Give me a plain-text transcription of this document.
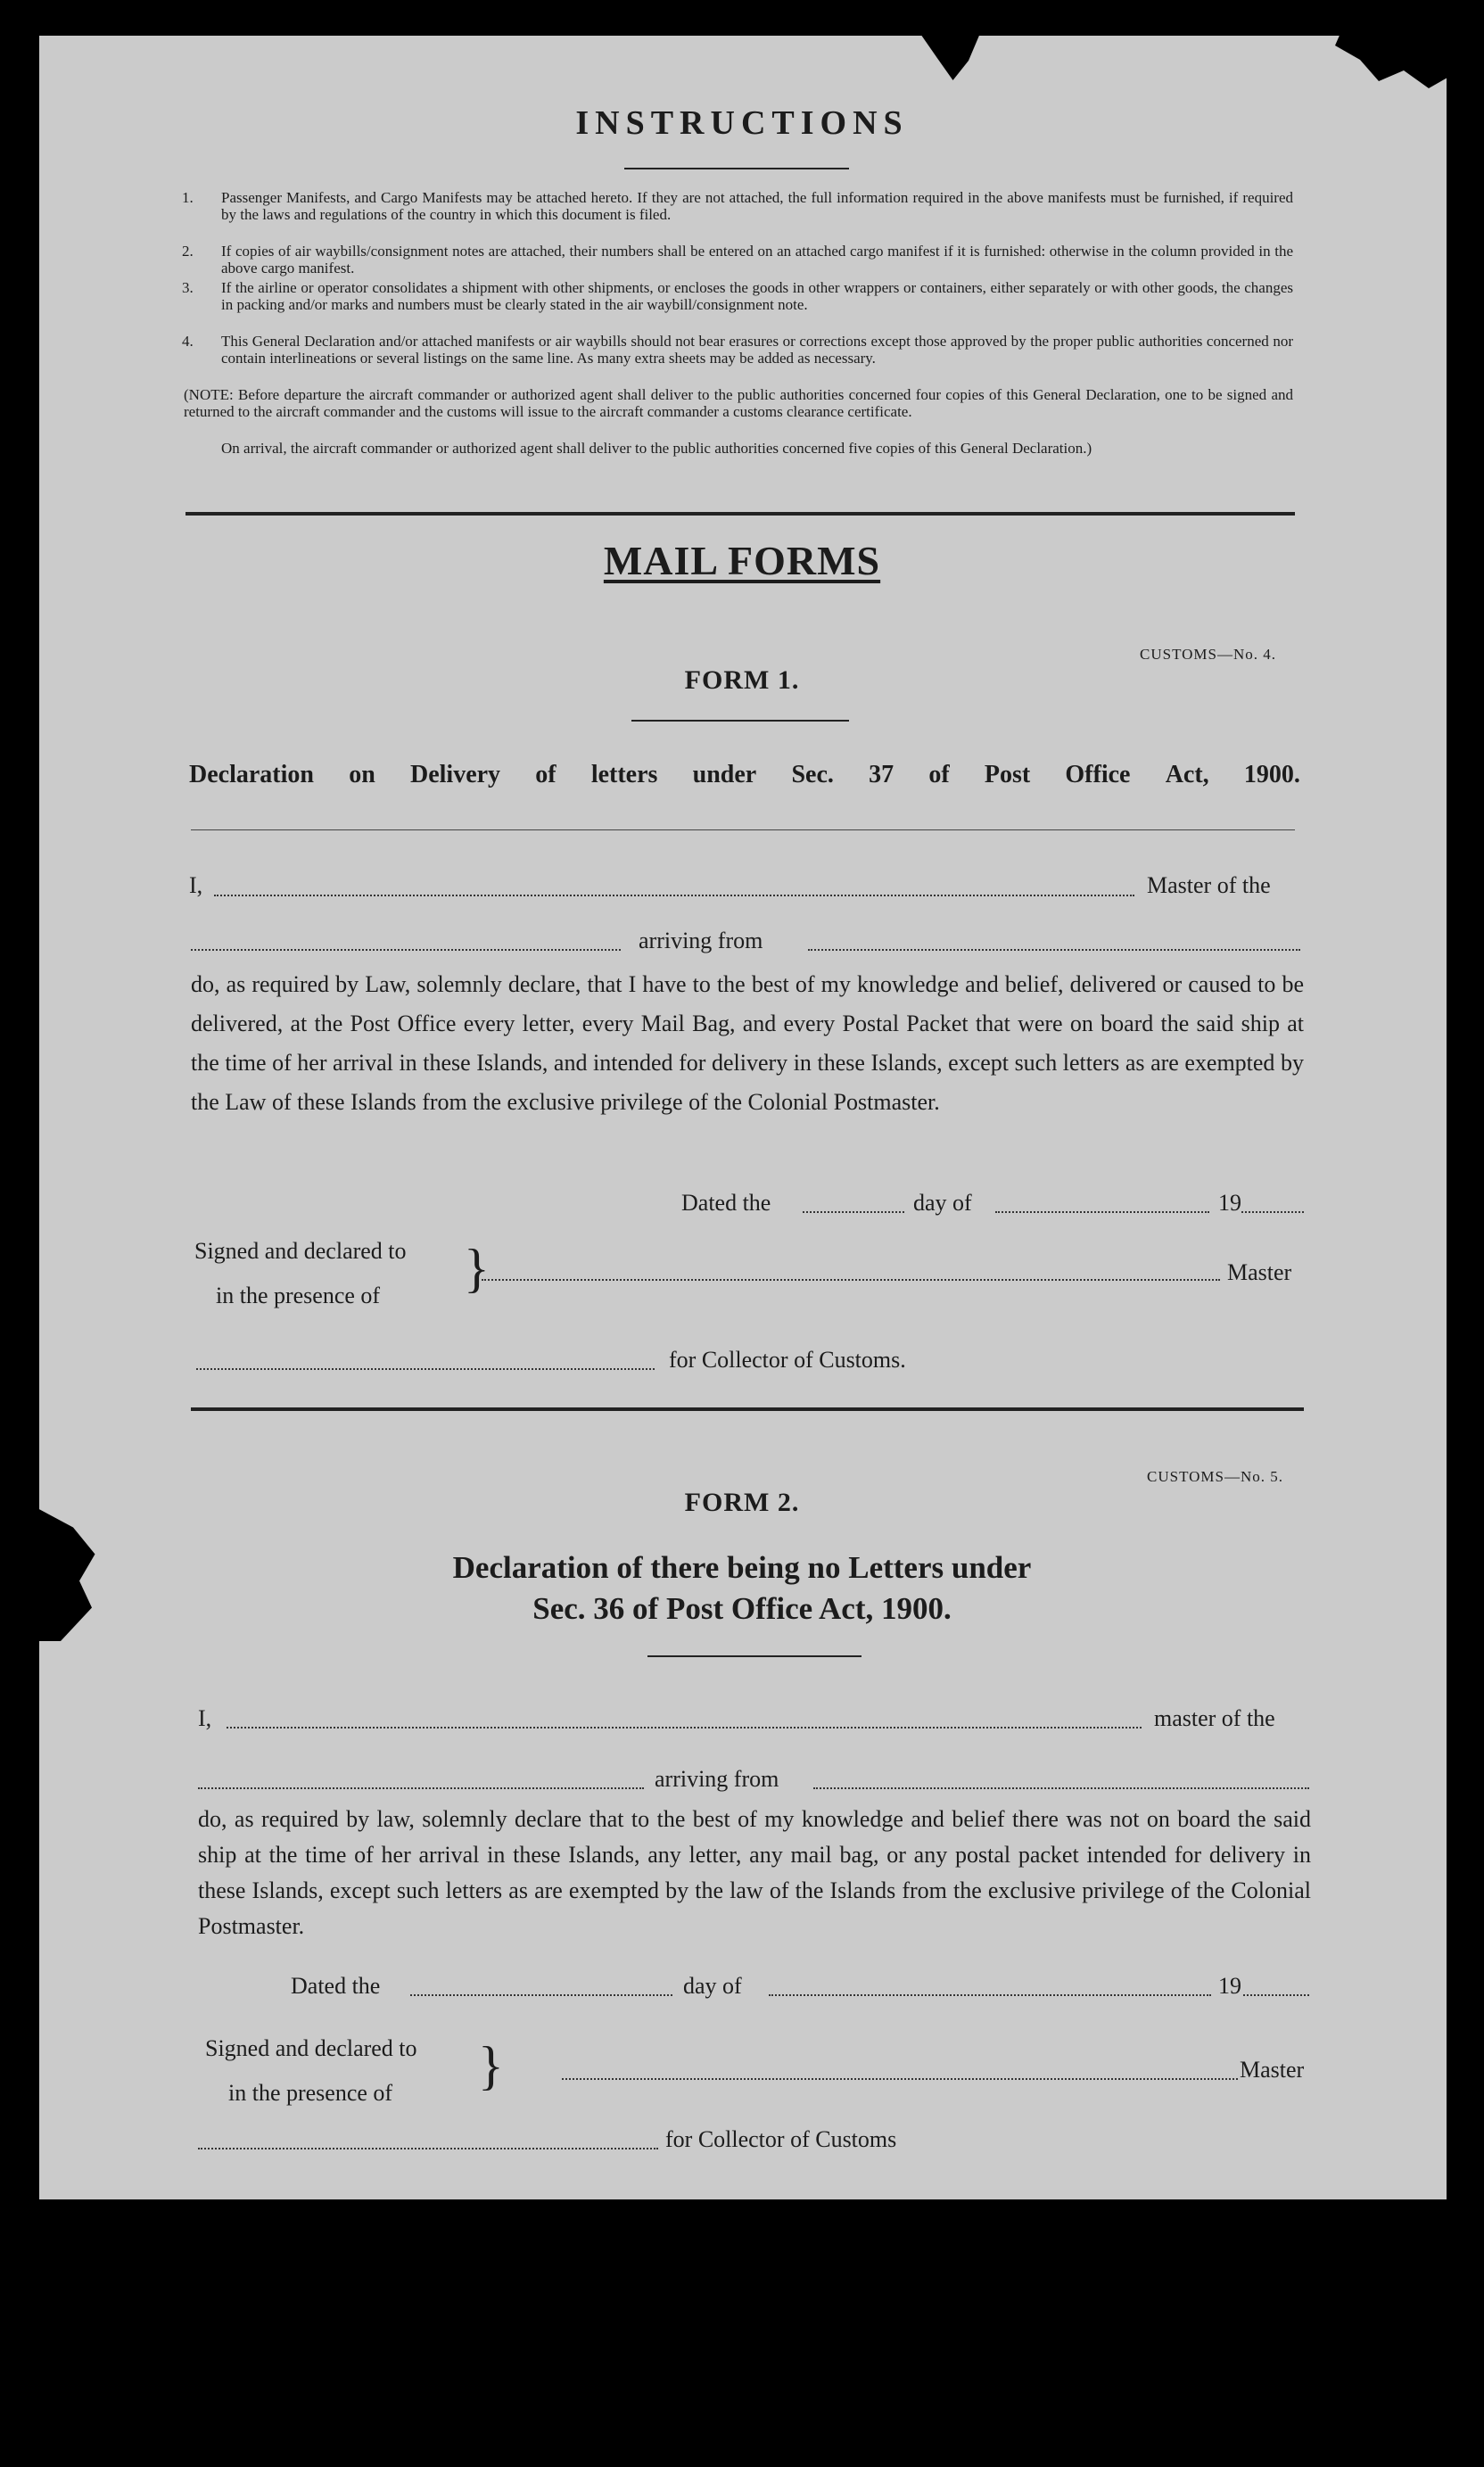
INSTRUCTIONS
1. Passenger Manifests, and Cargo Manifests may be attached hereto. If they are not attached, the full information required in the above manifests must be furnished, if required by the laws and regulations of the country in which this document is filed.
2. If copies of air waybills/consignment notes are attached, their numbers shall be entered on an attached cargo manifest if it is furnished: otherwise in the column provided in the above cargo manifest.
3. If the airline or operator consolidates a shipment with other shipments, or encloses the goods in other wrappers or containers, either separately or with other goods, the changes in packing and/or marks and numbers must be clearly stated in the air waybill/consignment note.
4. This General Declaration and/or attached manifests or air waybills should not bear erasures or corrections except those approved by the proper public authorities concerned nor contain interlineations or several listings on the same line. As many extra sheets may be added as necessary.
(NOTE: Before departure the aircraft commander or authorized agent shall deliver to the public authorities concerned four copies of this General Declaration, one to be signed and returned to the aircraft commander and the customs will issue to the aircraft commander a customs clearance certificate.
On arrival, the aircraft commander or authorized agent shall deliver to the public authorities concerned five copies of this General Declaration.)
MAIL FORMS
CUSTOMS—No. 4.
FORM 1.
Declaration on Delivery of letters under Sec. 37 of Post Office Act, 1900.
I,	Master of the
arriving from
do, as required by Law, solemnly declare, that I have to the best of my knowledge and belief, delivered or caused to be delivered, at the Post Office every letter, every Mail Bag, and every Postal Packet that were on board the said ship at the time of her arrival in these Islands, and intended for delivery in these Islands, except such letters as are exempted by the Law of these Islands from the exclusive privilege of the Colonial Postmaster.
Dated the	day of	19
Signed and declared to
in the presence of }	Master
for Collector of Customs.
CUSTOMS—No. 5.
FORM 2.
Declaration of there being no Letters under
Sec. 36 of Post Office Act, 1900.
I,	master of the
arriving from
do, as required by law, solemnly declare that to the best of my knowledge and belief there was not on board the said ship at the time of her arrival in these Islands, any letter, any mail bag, or any postal packet intended for delivery in these Islands, except such letters as are exempted by the law of the Islands from the exclusive privilege of the Colonial Postmaster.
Dated the	day of	19
Signed and declared to
in the presence of }	Master
for Collector of Customs
